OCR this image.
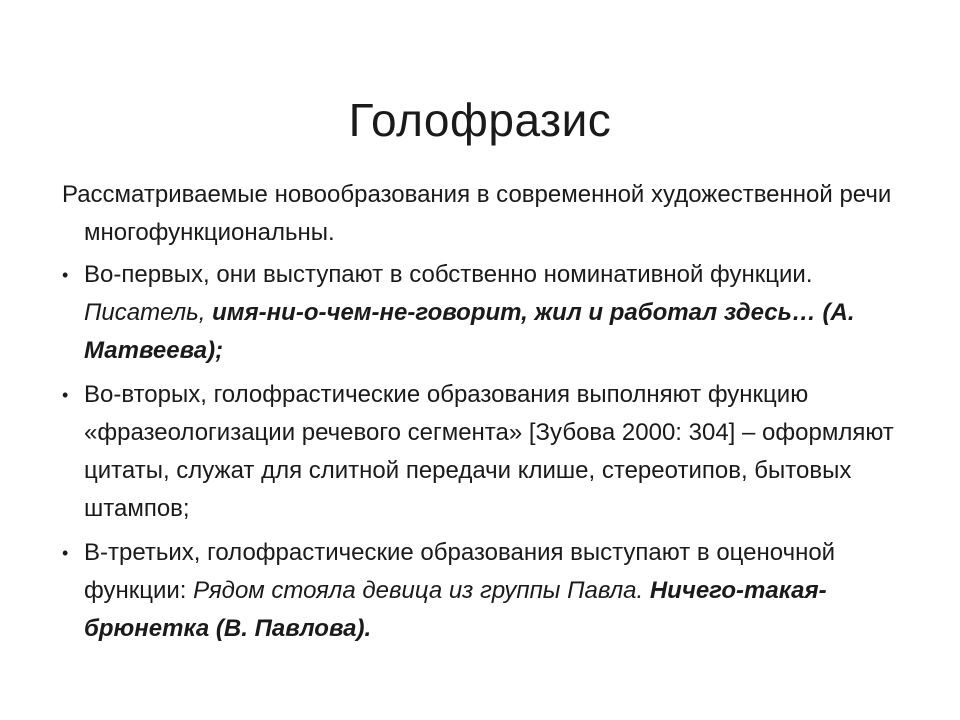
Голофразис

Рассматриваемые новообразования в современной художественной речи многофункциональны.

• Во-первых, они выступают в собственно номинативной функции. Писатель, имя-ни-о-чем-не-говорит, жил и работал здесь… (А. Матвеева);
• Во-вторых, голофрастические образования выполняют функцию «фразеологизации речевого сегмента» [Зубова 2000: 304] – оформляют цитаты, служат для слитной передачи клише, стереотипов, бытовых штампов;
• В-третьих, голофрастические образования выступают в оценочной функции: Рядом стояла девица из группы Павла. Ничего-такая-брюнетка (В. Павлова).
